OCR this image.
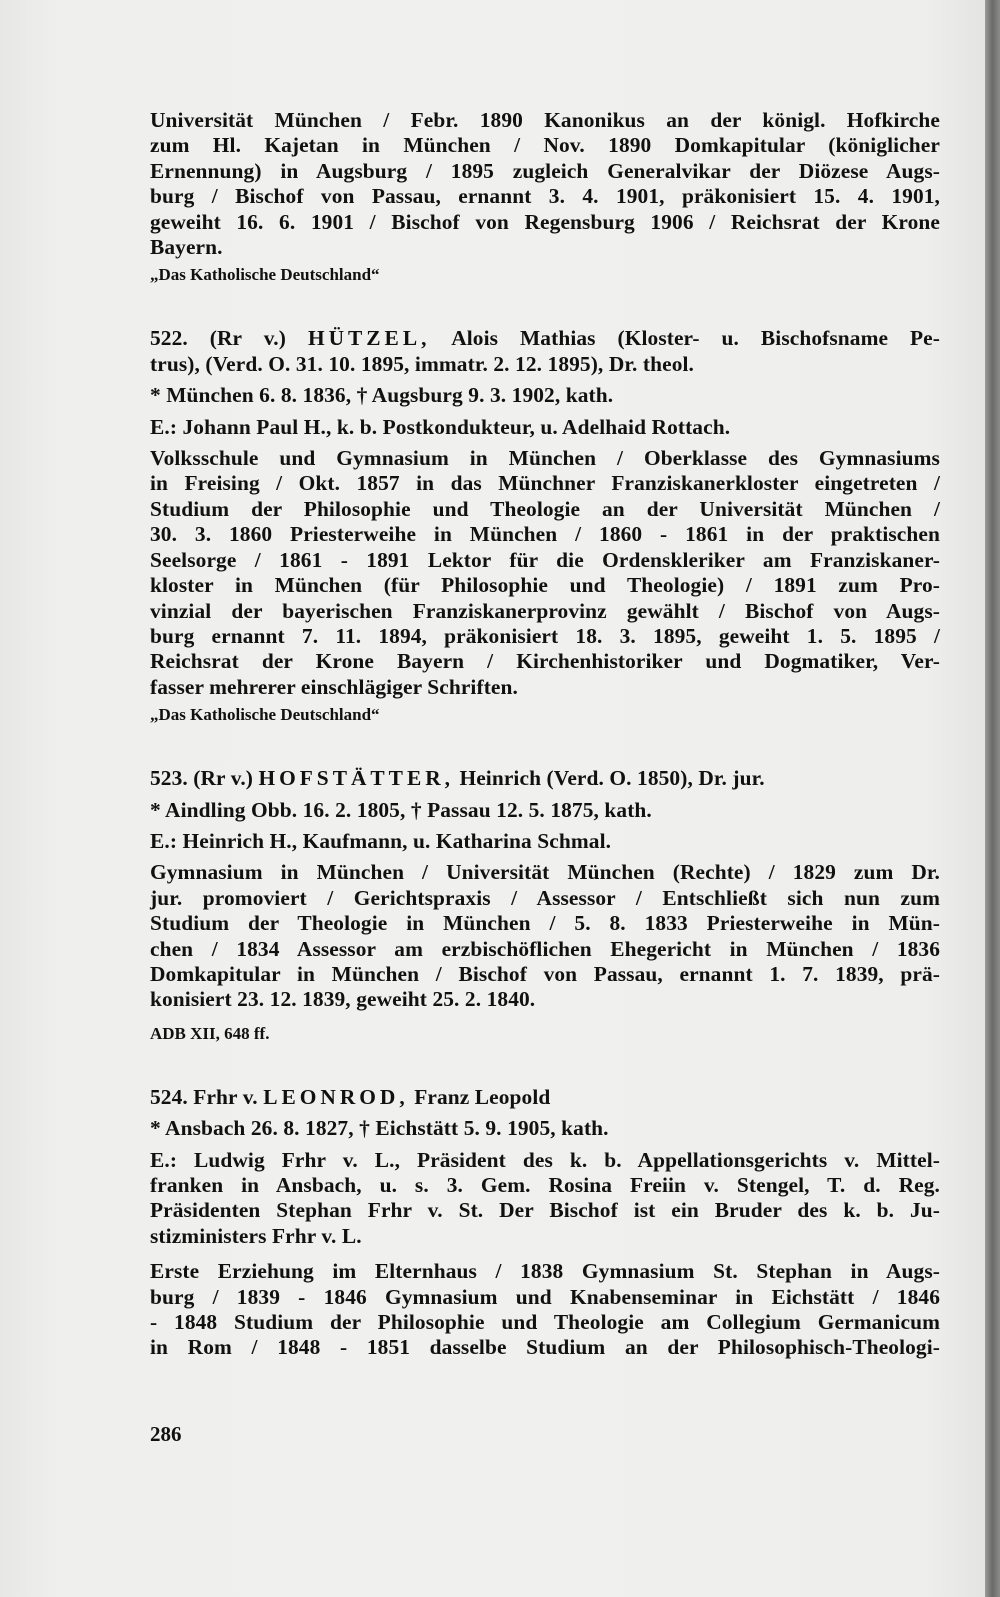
Universität München / Febr. 1890 Kanonikus an der königl. Hofkirche
zum Hl. Kajetan in München / Nov. 1890 Domkapitular (königlicher
Ernennung) in Augsburg / 1895 zugleich Generalvikar der Diözese Augs-
burg / Bischof von Passau, ernannt 3. 4. 1901, präkonisiert 15. 4. 1901,
geweiht 16. 6. 1901 / Bischof von Regensburg 1906 / Reichsrat der Krone
Bayern.

„Das Katholische Deutschland“

522. (Rr v.) HÜTZEL, Alois Mathias (Kloster- u. Bischofsname Pe-
trus), (Verd. O. 31. 10. 1895, immatr. 2. 12. 1895), Dr. theol.

* München 6. 8. 1836, † Augsburg 9. 3. 1902, kath.

E.: Johann Paul H., k. b. Postkondukteur, u. Adelhaid Rottach.

Volksschule und Gymnasium in München / Oberklasse des Gymnasiums
in Freising / Okt. 1857 in das Münchner Franziskanerkloster eingetreten /
Studium der Philosophie und Theologie an der Universität München /
30. 3. 1860 Priesterweihe in München / 1860 - 1861 in der praktischen
Seelsorge / 1861 - 1891 Lektor für die Ordenskleriker am Franziskaner-
kloster in München (für Philosophie und Theologie) / 1891 zum Pro-
vinzial der bayerischen Franziskanerprovinz gewählt / Bischof von Augs-
burg ernannt 7. 11. 1894, präkonisiert 18. 3. 1895, geweiht 1. 5. 1895 /
Reichsrat der Krone Bayern / Kirchenhistoriker und Dogmatiker, Ver-
fasser mehrerer einschlägiger Schriften.

„Das Katholische Deutschland“

523. (Rr v.) HOFSTÄTTER, Heinrich (Verd. O. 1850), Dr. jur.

* Aindling Obb. 16. 2. 1805, † Passau 12. 5. 1875, kath.

E.: Heinrich H., Kaufmann, u. Katharina Schmal.

Gymnasium in München / Universität München (Rechte) / 1829 zum Dr.
jur. promoviert / Gerichtspraxis / Assessor / Entschließt sich nun zum
Studium der Theologie in München / 5. 8. 1833 Priesterweihe in Mün-
chen / 1834 Assessor am erzbischöflichen Ehegericht in München / 1836
Domkapitular in München / Bischof von Passau, ernannt 1. 7. 1839, prä-
konisiert 23. 12. 1839, geweiht 25. 2. 1840.

ADB XII, 648 ff.

524. Frhr v. LEONROD, Franz Leopold

* Ansbach 26. 8. 1827, † Eichstätt 5. 9. 1905, kath.

E.: Ludwig Frhr v. L., Präsident des k. b. Appellationsgerichts v. Mittel-
franken in Ansbach, u. s. 3. Gem. Rosina Freiin v. Stengel, T. d. Reg.
Präsidenten Stephan Frhr v. St. Der Bischof ist ein Bruder des k. b. Ju-
stizministers Frhr v. L.

Erste Erziehung im Elternhaus / 1838 Gymnasium St. Stephan in Augs-
burg / 1839 - 1846 Gymnasium und Knabenseminar in Eichstätt / 1846
- 1848 Studium der Philosophie und Theologie am Collegium Germanicum
in Rom / 1848 - 1851 dasselbe Studium an der Philosophisch-Theologi-

286
